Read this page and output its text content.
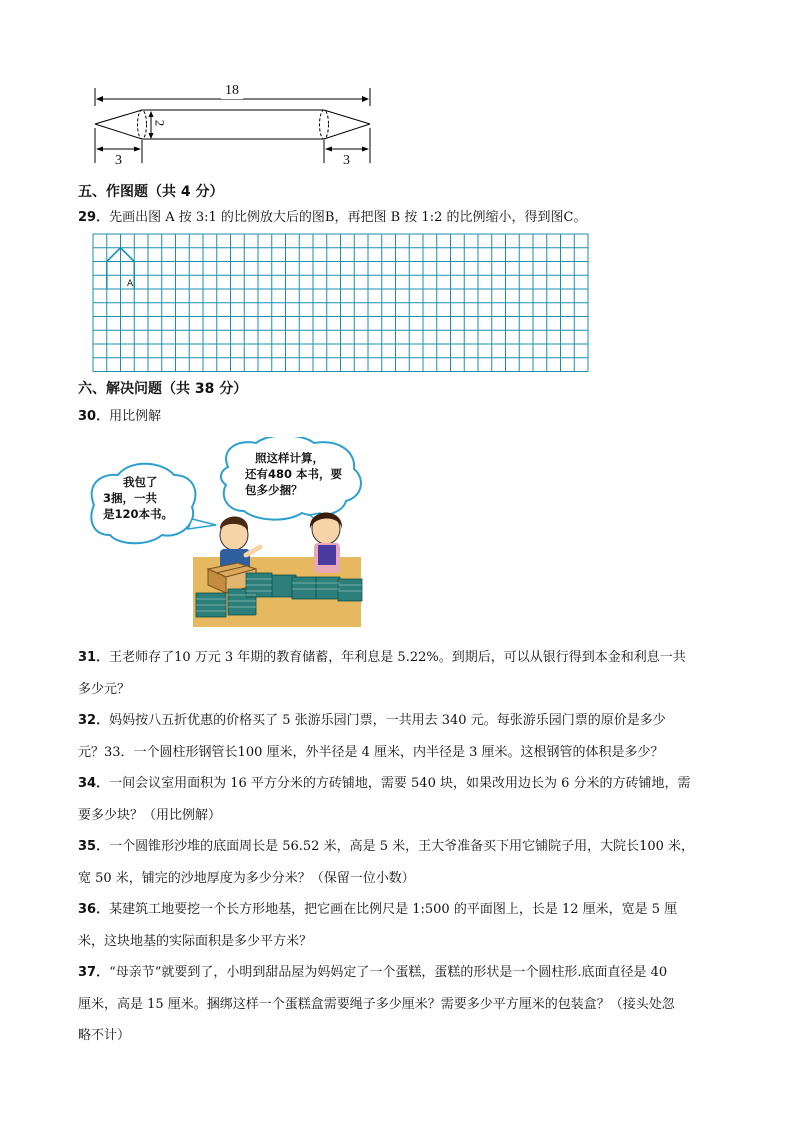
18
2
3	3
五、作图题（共 4 分）
29．先画出图 A 按 3:1 的比例放大后的图B，再把图 B 按 1:2 的比例缩小，得到图C。
A
六、解决问题（共 38 分）
30．用比例解
我包了
3捆，一共
是120本书。
照这样计算，
还有480 本书，要
包多少捆？
31．王老师存了10 万元 3 年期的教育储蓄，年利息是 5.22%。到期后，可以从银行得到本金和利息一共
多少元？
32．妈妈按八五折优惠的价格买了 5 张游乐园门票，一共用去 340 元。每张游乐园门票的原价是多少
元？33．一个圆柱形钢管长100 厘米，外半径是 4 厘米，内半径是 3 厘米。这根钢管的体积是多少？
34．一间会议室用面积为 16 平方分米的方砖铺地，需要 540 块，如果改用边长为 6 分米的方砖铺地，需
要多少块？（用比例解）
35．一个圆锥形沙堆的底面周长是 56.52 米，高是 5 米，王大爷准备买下用它铺院子用，大院长100 米，
宽 50 米，铺完的沙地厚度为多少分米？（保留一位小数）
36．某建筑工地要挖一个长方形地基，把它画在比例尺是 1:500 的平面图上，长是 12 厘米，宽是 5 厘
米，这块地基的实际面积是多少平方米？
37．“母亲节”就要到了，小明到甜品屋为妈妈定了一个蛋糕，蛋糕的形状是一个圆柱形.底面直径是 40
厘米，高是 15 厘米。捆绑这样一个蛋糕盒需要绳子多少厘米？需要多少平方厘米的包装盒？（接头处忽
略不计）
